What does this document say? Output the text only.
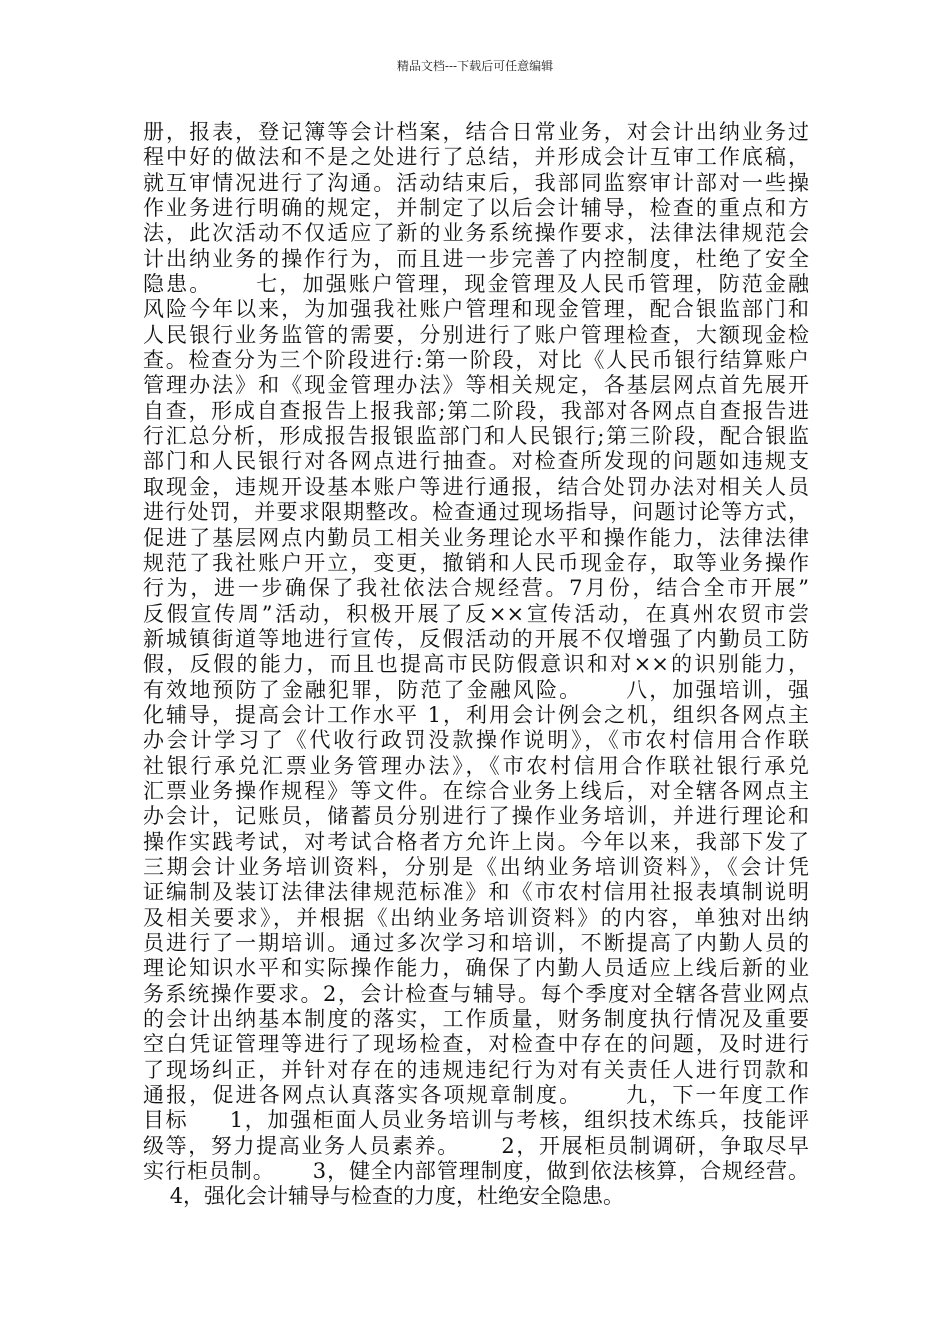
精品文档---下载后可任意编辑
册，报表，登记簿等会计档案，结合日常业务，对会计出纳业务过
程中好的做法和不是之处进行了总结，并形成会计互审工作底稿，
就互审情况进行了沟通。活动结束后，我部同监察审计部对一些操
作业务进行明确的规定，并制定了以后会计辅导，检查的重点和方
法，此次活动不仅适应了新的业务系统操作要求，法律法律规范会
计出纳业务的操作行为，而且进一步完善了内控制度，杜绝了安全
隐患。     七，加强账户管理，现金管理及人民币管理，防范金融
风险今年以来，为加强我社账户管理和现金管理，配合银监部门和
人民银行业务监管的需要，分别进行了账户管理检查，大额现金检
查。检查分为三个阶段进行:第一阶段，对比《人民币银行结算账户
管理办法》和《现金管理办法》等相关规定，各基层网点首先展开
自查，形成自查报告上报我部;第二阶段，我部对各网点自查报告进
行汇总分析，形成报告报银监部门和人民银行;第三阶段，配合银监
部门和人民银行对各网点进行抽查。对检查所发现的问题如违规支
取现金，违规开设基本账户等进行通报，结合处罚办法对相关人员
进行处罚，并要求限期整改。检查通过现场指导，问题讨论等方式，
促进了基层网点内勤员工相关业务理论水平和操作能力，法律法律
规范了我社账户开立，变更，撤销和人民币现金存，取等业务操作
行为，进一步确保了我社依法合规经营。7月份，结合全市开展”
反假宣传周”活动，积极开展了反××宣传活动，在真州农贸市尝
新城镇街道等地进行宣传，反假活动的开展不仅增强了内勤员工防
假，反假的能力，而且也提高市民防假意识和对××的识别能力，
有效地预防了金融犯罪，防范了金融风险。     八，加强培训，强
化辅导，提高会计工作水平 1，利用会计例会之机，组织各网点主
办会计学习了《代收行政罚没款操作说明》，《市农村信用合作联
社银行承兑汇票业务管理办法》，《市农村信用合作联社银行承兑
汇票业务操作规程》等文件。在综合业务上线后，对全辖各网点主
办会计，记账员，储蓄员分别进行了操作业务培训，并进行理论和
操作实践考试，对考试合格者方允许上岗。今年以来，我部下发了
三期会计业务培训资料，分别是《出纳业务培训资料》，《会计凭
证编制及装订法律法律规范标准》和《市农村信用社报表填制说明
及相关要求》，并根据《出纳业务培训资料》的内容，单独对出纳
员进行了一期培训。通过多次学习和培训，不断提高了内勤人员的
理论知识水平和实际操作能力，确保了内勤人员适应上线后新的业
务系统操作要求。2，会计检查与辅导。每个季度对全辖各营业网点
的会计出纳基本制度的落实，工作质量，财务制度执行情况及重要
空白凭证管理等进行了现场检查，对检查中存在的问题，及时进行
了现场纠正，并针对存在的违规违纪行为对有关责任人进行罚款和
通报，促进各网点认真落实各项规章制度。     九，下一年度工作
目标     1，加强柜面人员业务培训与考核，组织技术练兵，技能评
级等，努力提高业务人员素养。     2，开展柜员制调研，争取尽早
实行柜员制。     3，健全内部管理制度，做到依法核算，合规经营。
4，强化会计辅导与检查的力度，杜绝安全隐患。
